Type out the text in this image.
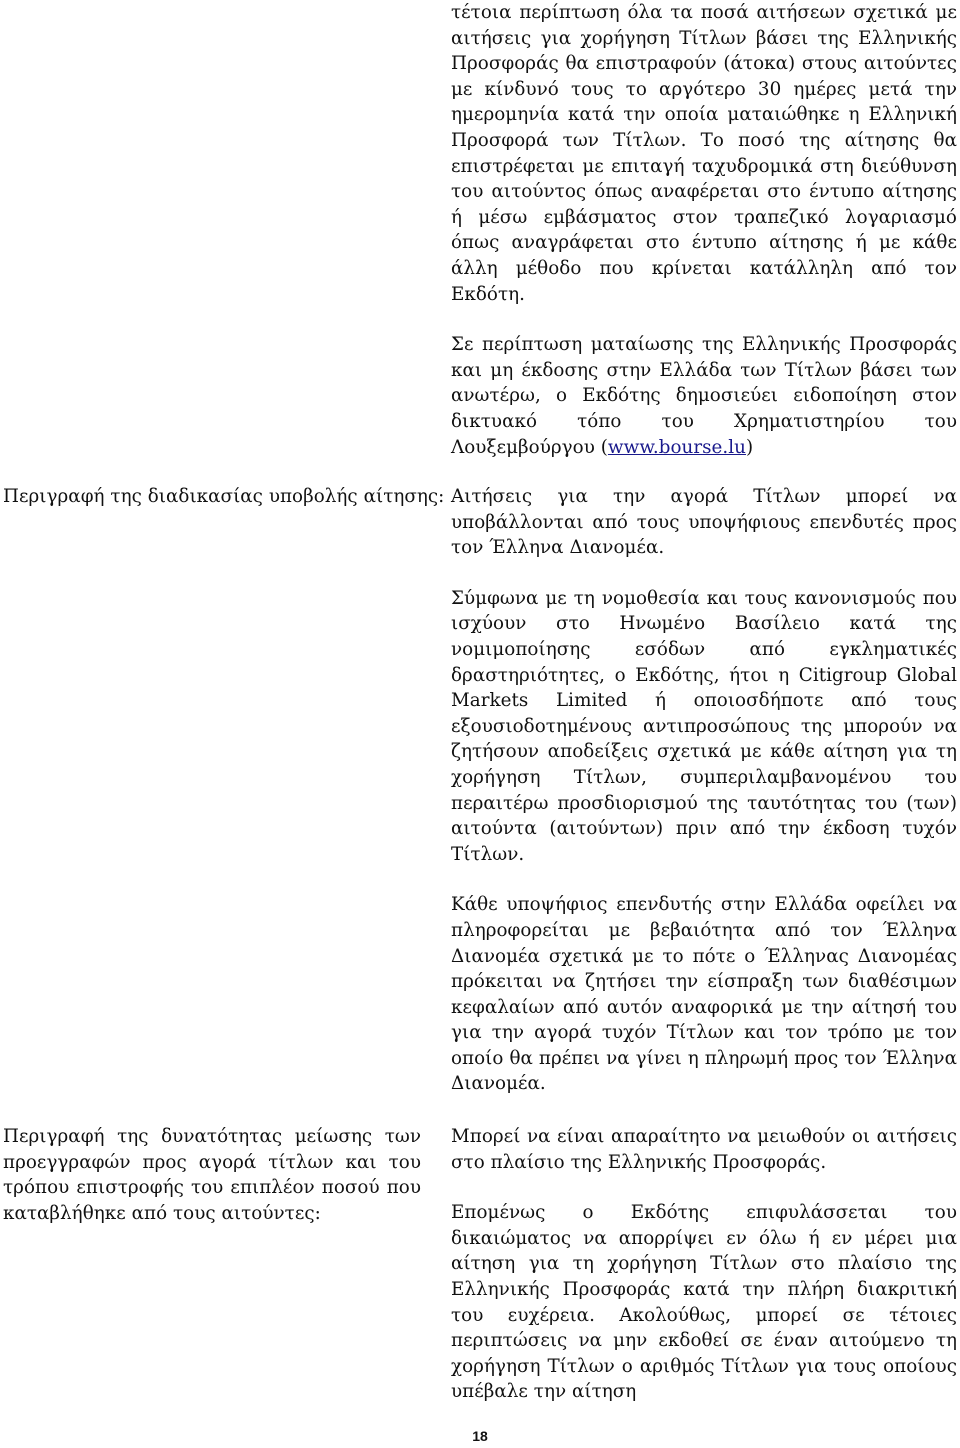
τέτοια περίπτωση όλα τα ποσά αιτήσεων σχετικά με αιτήσεις για χορήγηση Τίτλων βάσει της Ελληνικής Προσφοράς θα επιστραφούν (άτοκα) στους αιτούντες με κίνδυνό τους το αργότερο 30 ημέρες μετά την ημερομηνία κατά την οποία ματαιώθηκε η Ελληνική Προσφορά των Τίτλων. Το ποσό της αίτησης θα επιστρέφεται με επιταγή ταχυδρομικά στη διεύθυνση του αιτούντος όπως αναφέρεται στο έντυπο αίτησης ή μέσω εμβάσματος στον τραπεζικό λογαριασμό όπως αναγράφεται στο έντυπο αίτησης ή με κάθε άλλη μέθοδο που κρίνεται κατάλληλη από τον Εκδότη.

Σε περίπτωση ματαίωσης της Ελληνικής Προσφοράς και μη έκδοσης στην Ελλάδα των Τίτλων βάσει των ανωτέρω, ο Εκδότης δημοσιεύει ειδοποίηση στον δικτυακό τόπο του Χρηματιστηρίου του Λουξεμβούργου (www.bourse.lu)

Περιγραφή της διαδικασίας υποβολής αίτησης: Αιτήσεις για την αγορά Τίτλων μπορεί να υποβάλλονται από τους υποψήφιους επενδυτές προς τον Έλληνα Διανομέα.

Σύμφωνα με τη νομοθεσία και τους κανονισμούς που ισχύουν στο Ηνωμένο Βασίλειο κατά της νομιμοποίησης εσόδων από εγκληματικές δραστηριότητες, ο Εκδότης, ήτοι η Citigroup Global Markets Limited ή οποιοσδήποτε από τους εξουσιοδοτημένους αντιπροσώπους της μπορούν να ζητήσουν αποδείξεις σχετικά με κάθε αίτηση για τη χορήγηση Τίτλων, συμπεριλαμβανομένου του περαιτέρω προσδιορισμού της ταυτότητας του (των) αιτούντα (αιτούντων) πριν από την έκδοση τυχόν Τίτλων.

Κάθε υποψήφιος επενδυτής στην Ελλάδα οφείλει να πληροφορείται με βεβαιότητα από τον Έλληνα Διανομέα σχετικά με το πότε ο Έλληνας Διανομέας πρόκειται να ζητήσει την είσπραξη των διαθέσιμων κεφαλαίων από αυτόν αναφορικά με την αίτησή του για την αγορά τυχόν Τίτλων και τον τρόπο με τον οποίο θα πρέπει να γίνει η πληρωμή προς τον Έλληνα Διανομέα.

Περιγραφή της δυνατότητας μείωσης των προεγγραφών προς αγορά τίτλων και του τρόπου επιστροφής του επιπλέον ποσού που καταβλήθηκε από τους αιτούντες:

Μπορεί να είναι απαραίτητο να μειωθούν οι αιτήσεις στο πλαίσιο της Ελληνικής Προσφοράς.

Επομένως ο Εκδότης επιφυλάσσεται του δικαιώματος να απορρίψει εν όλω ή εν μέρει μια αίτηση για τη χορήγηση Τίτλων στο πλαίσιο της Ελληνικής Προσφοράς κατά την πλήρη διακριτική του ευχέρεια. Ακολούθως, μπορεί σε τέτοιες περιπτώσεις να μην εκδοθεί σε έναν αιτούμενο τη χορήγηση Τίτλων ο αριθμός Τίτλων για τους οποίους υπέβαλε την αίτηση

18
